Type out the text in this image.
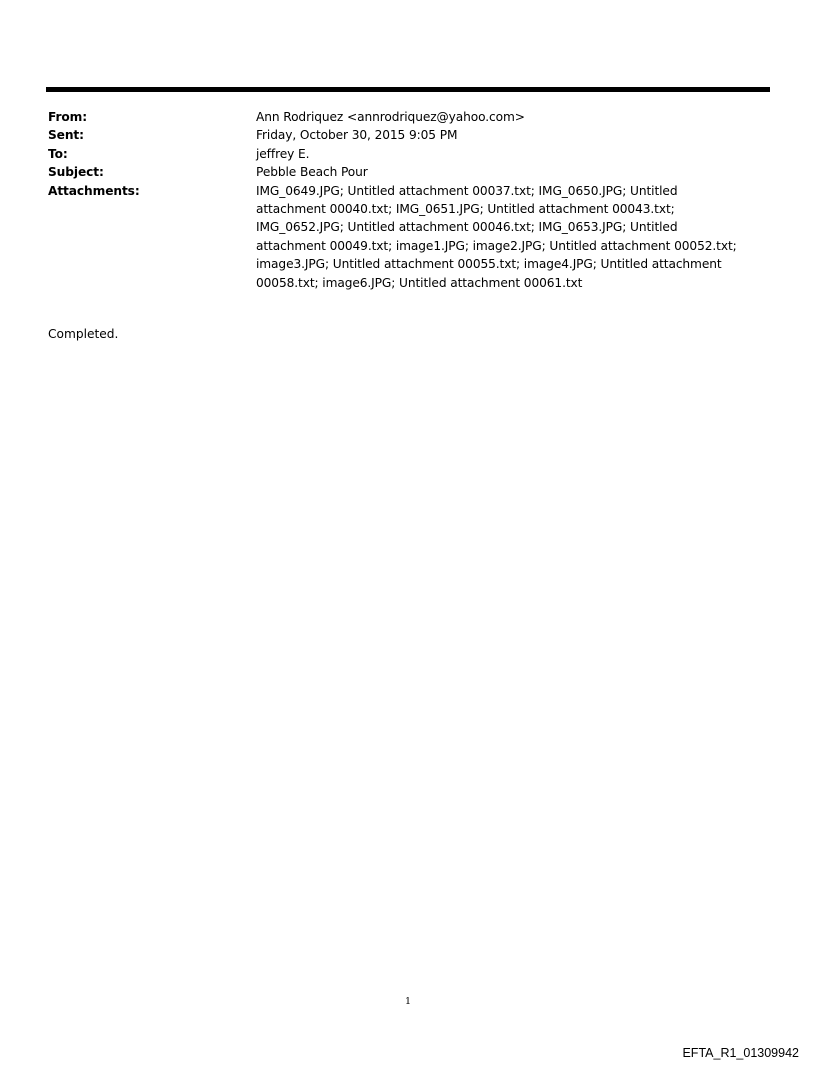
From:	Ann Rodriquez <annrodriquez@yahoo.com>
Sent:	Friday, October 30, 2015 9:05 PM
To:	jeffrey E.
Subject:	Pebble Beach Pour
Attachments:	IMG_0649.JPG; Untitled attachment 00037.txt; IMG_0650.JPG; Untitled attachment 00040.txt; IMG_0651.JPG; Untitled attachment 00043.txt; IMG_0652.JPG; Untitled attachment 00046.txt; IMG_0653.JPG; Untitled attachment 00049.txt; image1.JPG; image2.JPG; Untitled attachment 00052.txt; image3.JPG; Untitled attachment 00055.txt; image4.JPG; Untitled attachment 00058.txt; image6.JPG; Untitled attachment 00061.txt
Completed.
1
EFTA_R1_01309942
